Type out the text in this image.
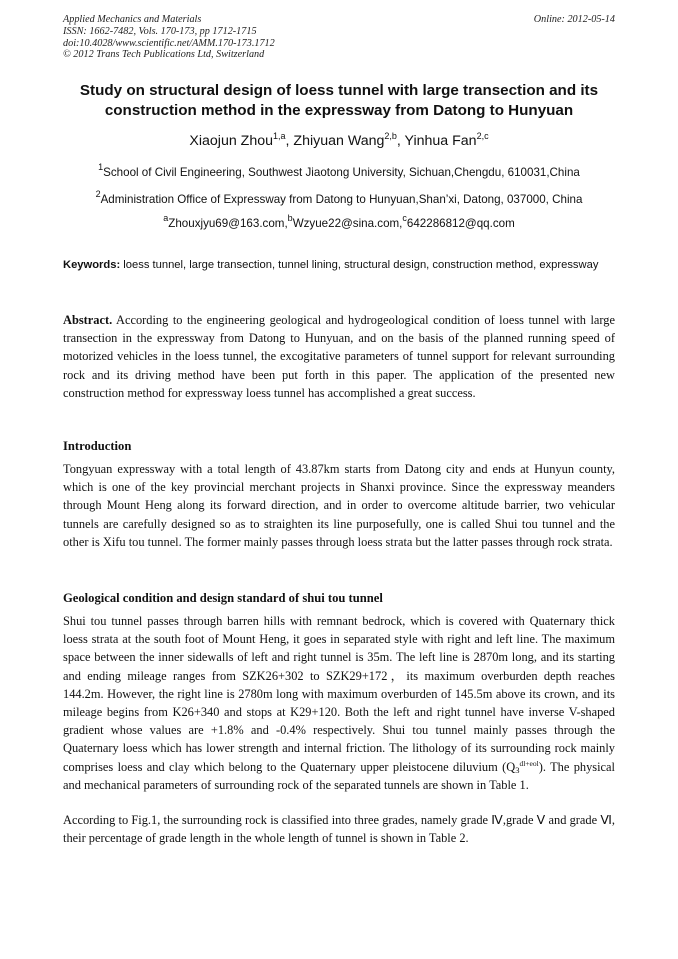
Applied Mechanics and Materials
ISSN: 1662-7482, Vols. 170-173, pp 1712-1715
doi:10.4028/www.scientific.net/AMM.170-173.1712
© 2012 Trans Tech Publications Ltd, Switzerland
Online: 2012-05-14
Study on structural design of loess tunnel with large transection and its
construction method in the expressway from Datong to Hunyuan
Xiaojun Zhou$^{1,a}$, Zhiyuan Wang$^{2,b}$, Yinhua Fan$^{2,c}$
$^1$School of Civil Engineering, Southwest Jiaotong University, Sichuan,Chengdu, 610031,China
$^2$Administration Office of Expressway from Datong to Hunyuan,Shan’xi, Datong, 037000, China
$^a$Zhouxjyu69@163.com,$^b$Wzyue22@sina.com,$^c$642286812@qq.com
Keywords: loess tunnel, large transection, tunnel lining, structural design, construction method, expressway
Abstract. According to the engineering geological and hydrogeological condition of loess tunnel with large transection in the expressway from Datong to Hunyuan, and on the basis of the planned running speed of motorized vehicles in the loess tunnel, the excogitative parameters of tunnel support for relevant surrounding rock and its driving method have been put forth in this paper. The application of the presented new construction method for expressway loess tunnel has accomplished a great success.
Introduction
Tongyuan expressway with a total length of 43.87km starts from Datong city and ends at Hunyun county, which is one of the key provincial merchant projects in Shanxi province. Since the expressway meanders through Mount Heng along its forward direction, and in order to overcome altitude barrier, two vehicular tunnels are carefully designed so as to straighten its line purposefully, one is called Shui tou tunnel and the other is Xifu tou tunnel. The former mainly passes through loess strata but the latter passes through rock strata.
Geological condition and design standard of shui tou tunnel
Shui tou tunnel passes through barren hills with remnant bedrock, which is covered with Quaternary thick loess strata at the south foot of Mount Heng, it goes in separated style with right and left line. The maximum space between the inner sidewalls of left and right tunnel is 35m. The left line is 2870m long, and its starting and ending mileage ranges from SZK26+302 to SZK29+172，its maximum overburden depth reaches 144.2m. However, the right line is 2780m long with maximum overburden of 145.5m above its crown, and its mileage begins from K26+340 and stops at K29+120. Both the left and right tunnel have inverse V-shaped gradient whose values are +1.8% and -0.4% respectively. Shui tou tunnel mainly passes through the Quaternary loess which has lower strength and internal friction. The lithology of its surrounding rock mainly comprises loess and clay which belong to the Quaternary upper pleistocene diluvium $(Q_3^{dl+eol})$. The physical and mechanical parameters of surrounding rock of the separated tunnels are shown in Table 1.
According to Fig.1, the surrounding rock is classified into three grades, namely grade Ⅳ,grade Ⅴ and grade Ⅵ, their percentage of grade length in the whole length of tunnel is shown in Table 2.
